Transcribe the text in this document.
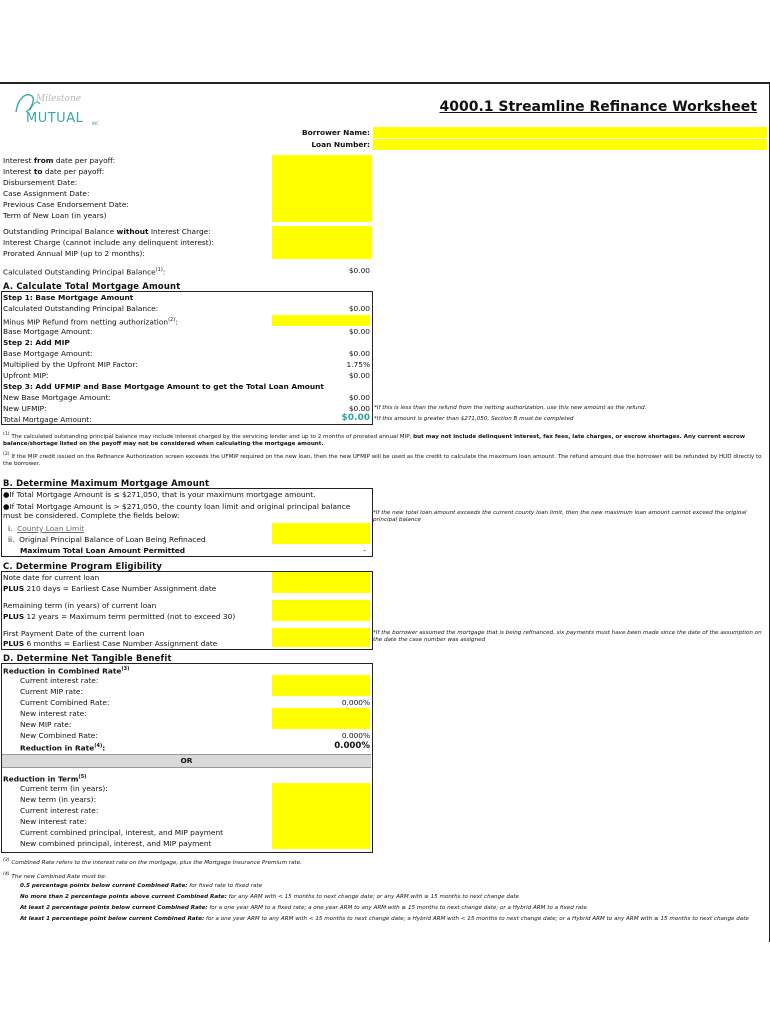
Milestone
MUTUAL INC
4000.1 Streamline Refinance Worksheet
Borrower Name:
Loan Number:
Interest from date per payoff:
Interest to date per payoff:
Disbursement Date:
Case Assignment Date:
Previous Case Endorsement Date:
Term of New Loan (in years)
Outstanding Principal Balance without Interest Charge:
Interest Charge (cannot include any delinquent interest):
Prorated Annual MIP (up to 2 months):
Calculated Outstanding Principal Balance$^{(1)}$:	$0.00
A. Calculate Total Mortgage Amount
Step 1: Base Mortgage Amount
Calculated Outstanding Principal Balance:	$0.00
Minus MIP Refund from netting authorization$^{(2)}$:
Base Mortgage Amount:	$0.00
Step 2: Add MIP
Base Mortgage Amount:	$0.00
Multiplied by the Upfront MIP Factor:	1.75%
Upfront MIP:	$0.00
Step 3: Add UFMIP and Base Mortgage Amount to get the Total Loan Amount
New Base Mortgage Amount:	$0.00
New UFMIP:	$0.00 *If this is less than the refund from the netting authorization, use this new amount as the refund.
Total Mortgage Amount:	$0.00 *If this amount is greater than $271,050, Section B must be completed
$^{(1)}$ The calculated outstanding principal balance may include interest charged by the servicing lender and up to 2 months of prorated annual MIP, but may not include delinquent interest, fax fees, late charges, or escrow shortages. Any current escrow balance/shortage listed on the payoff may not be considered when calculating the mortgage amount.
$^{(2)}$ If the MIP credit issued on the Refinance Authorization screen exceeds the UFMIP required on the new loan, then the new UFMIP will be used as the credit to calculate the maximum loan amount. The refund amount due the borrower will be refunded by HUD directly to the borrower.
B. Determine Maximum Mortgage Amount
●If Total Mortgage Amount is ≤ $271,050, that is your maximum mortgage amount.
●If Total Mortgage Amount is > $271,050, the county loan limit and original principal balance must be considered. Complete the fields below:
i. County Loan Limit
ii. Original Principal Balance of Loan Being Refinaced
Maximum Total Loan Amount Permitted	-
*If the new total loan amount exceeds the current county loan limit, then the new maximum loan amount cannot exceed the original principal balance
C. Determine Program Eligibility
Note date for current loan
PLUS 210 days = Earliest Case Number Assignment date
Remaining term (in years) of current loan
PLUS 12 years = Maximum term permitted (not to exceed 30)
First Payment Date of the current loan
PLUS 6 months = Earliest Case Number Assignment date
*If the borrower assumed the mortgage that is being refinanced, six payments must have been made since the date of the assumption on the date the case number was assigned
D. Determine Net Tangible Benefit
Reduction in Combined Rate$^{(3)}$
Current interest rate:
Current MIP rate:
Current Combined Rate:	0.000%
New interest rate:
New MIP rate:
New Combined Rate:	0.000%
Reduction in Rate$^{(4)}$:	0.000%
OR
Reduction in Term$^{(5)}$
Current term (in years):
New term (in years):
Current interest rate:
New interest rate:
Current combined principal, interest, and MIP payment
New combined principal, interest, and MIP payment
$^{(3)}$ Combined Rate refers to the interest rate on the mortgage, plus the Mortgage Insurance Premium rate.
$^{(4)}$ The new Combined Rate must be:
0.5 percentage points below current Combined Rate: for fixed rate to fixed rate
No more than 2 percentage points above current Combined Rate: for any ARM with < 15 months to next change date; or any ARM with ≥ 15 months to next change date
At least 2 percentage points below current Combined Rate: for a one year ARM to a fixed rate; a one year ARM to any ARM with ≥ 15 months to next change date; or a Hybrid ARM to a fixed rate
At least 1 percentage point below current Combined Rate: for a one year ARM to any ARM with < 15 months to next change date; a Hybrid ARM with < 15 months to next change date; or a Hybrid ARM to any ARM with ≥ 15 months to next change date
